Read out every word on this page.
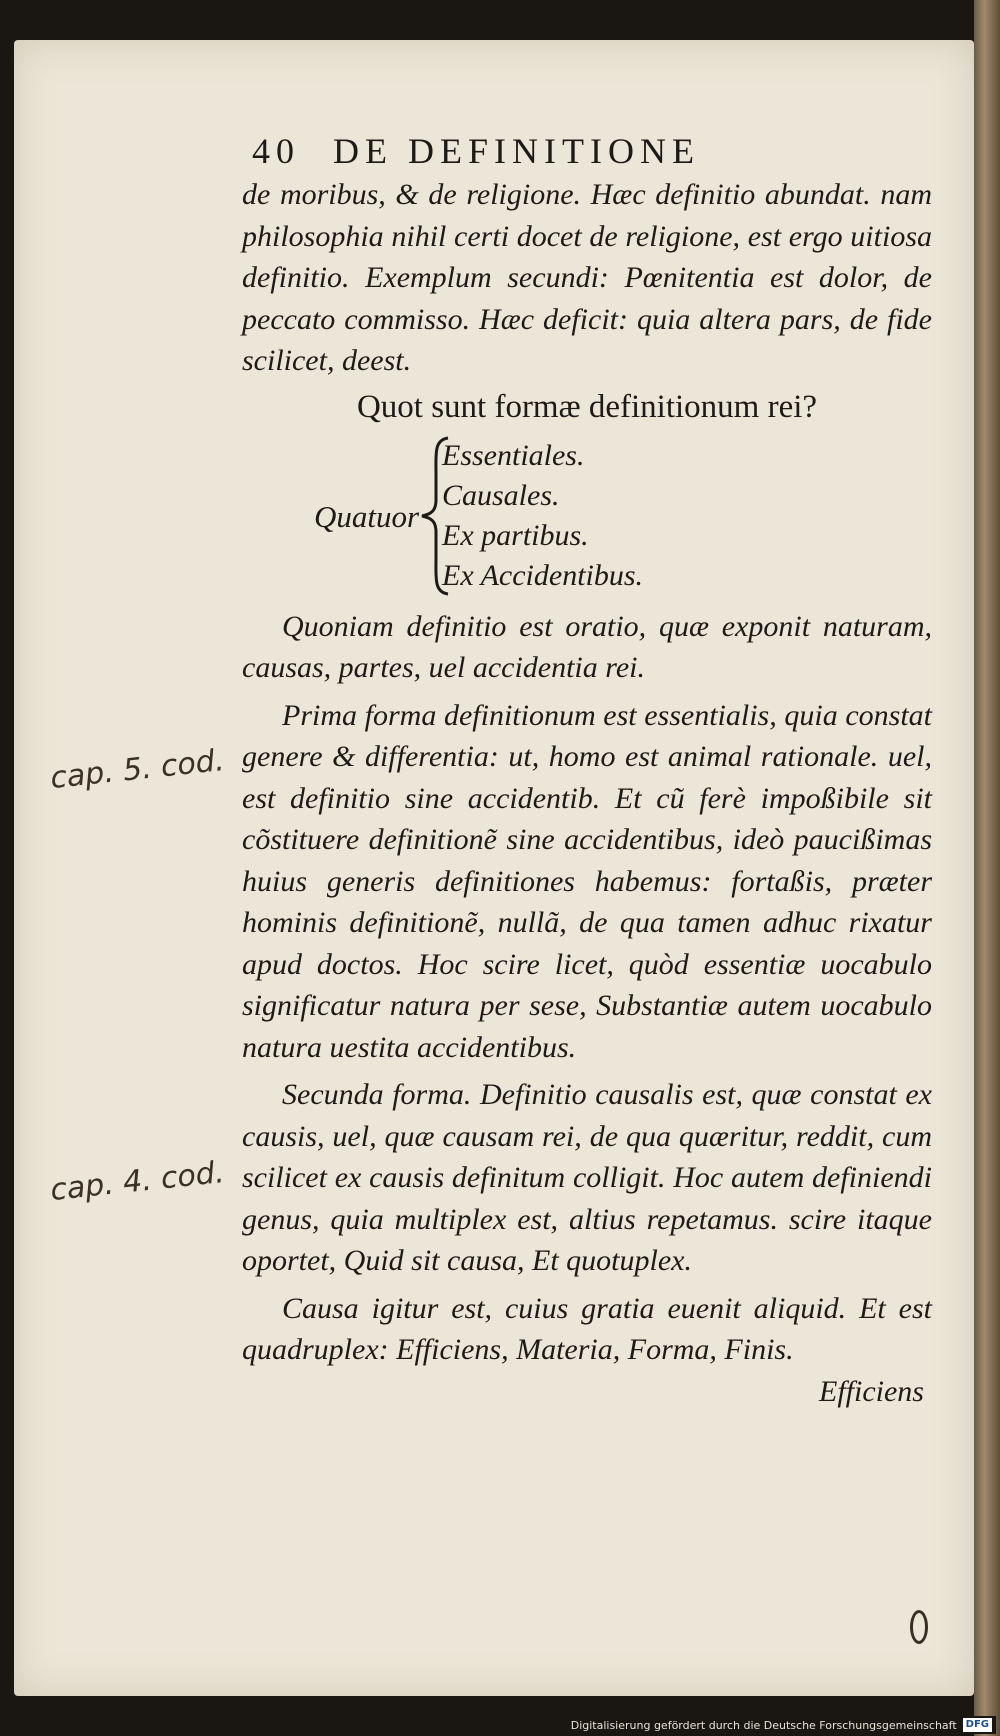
cap. 5. cod.
cap. 4. cod.
40 DE DEFINITIONE

de moribus, & de religione. Hæc definitio abundat. nam philosophia nihil certi docet de religione, est ergo uitiosa definitio. Exemplum secundi: Pœnitentia est dolor, de peccato commisso. Hæc deficit: quia altera pars, de fide scilicet, deest.

Quot sunt formæ definitionum rei?
Quatuor
Essentiales.
Causales.
Ex partibus.
Ex Accidentibus.

Quoniam definitio est oratio, quæ exponit naturam, causas, partes, uel accidentia rei.

Prima forma definitionum est essentialis, quia constat genere & differentia: ut, homo est animal rationale. uel, est definitio sine accidentib. Et cũ ferè impoßibile sit cõstituere definitionẽ sine accidentibus, ideò paucißimas huius generis definitiones habemus: fortaßis, præter hominis definitionẽ, nullã, de qua tamen adhuc rixatur apud doctos. Hoc scire licet, quòd essentiæ uocabulo significatur natura per sese, Substantiæ autem uocabulo natura uestita accidentibus.

Secunda forma. Definitio causalis est, quæ constat ex causis, uel, quæ causam rei, de qua quæritur, reddit, cum scilicet ex causis definitum colligit. Hoc autem definiendi genus, quia multiplex est, altius repetamus. scire itaque oportet, Quid sit causa, Et quotuplex.

Causa igitur est, cuius gratia euenit aliquid. Et est quadruplex: Efficiens, Materia, Forma, Finis.

Efficiens
Digitalisierung gefördert durch die Deutsche Forschungsgemeinschaft DFG
